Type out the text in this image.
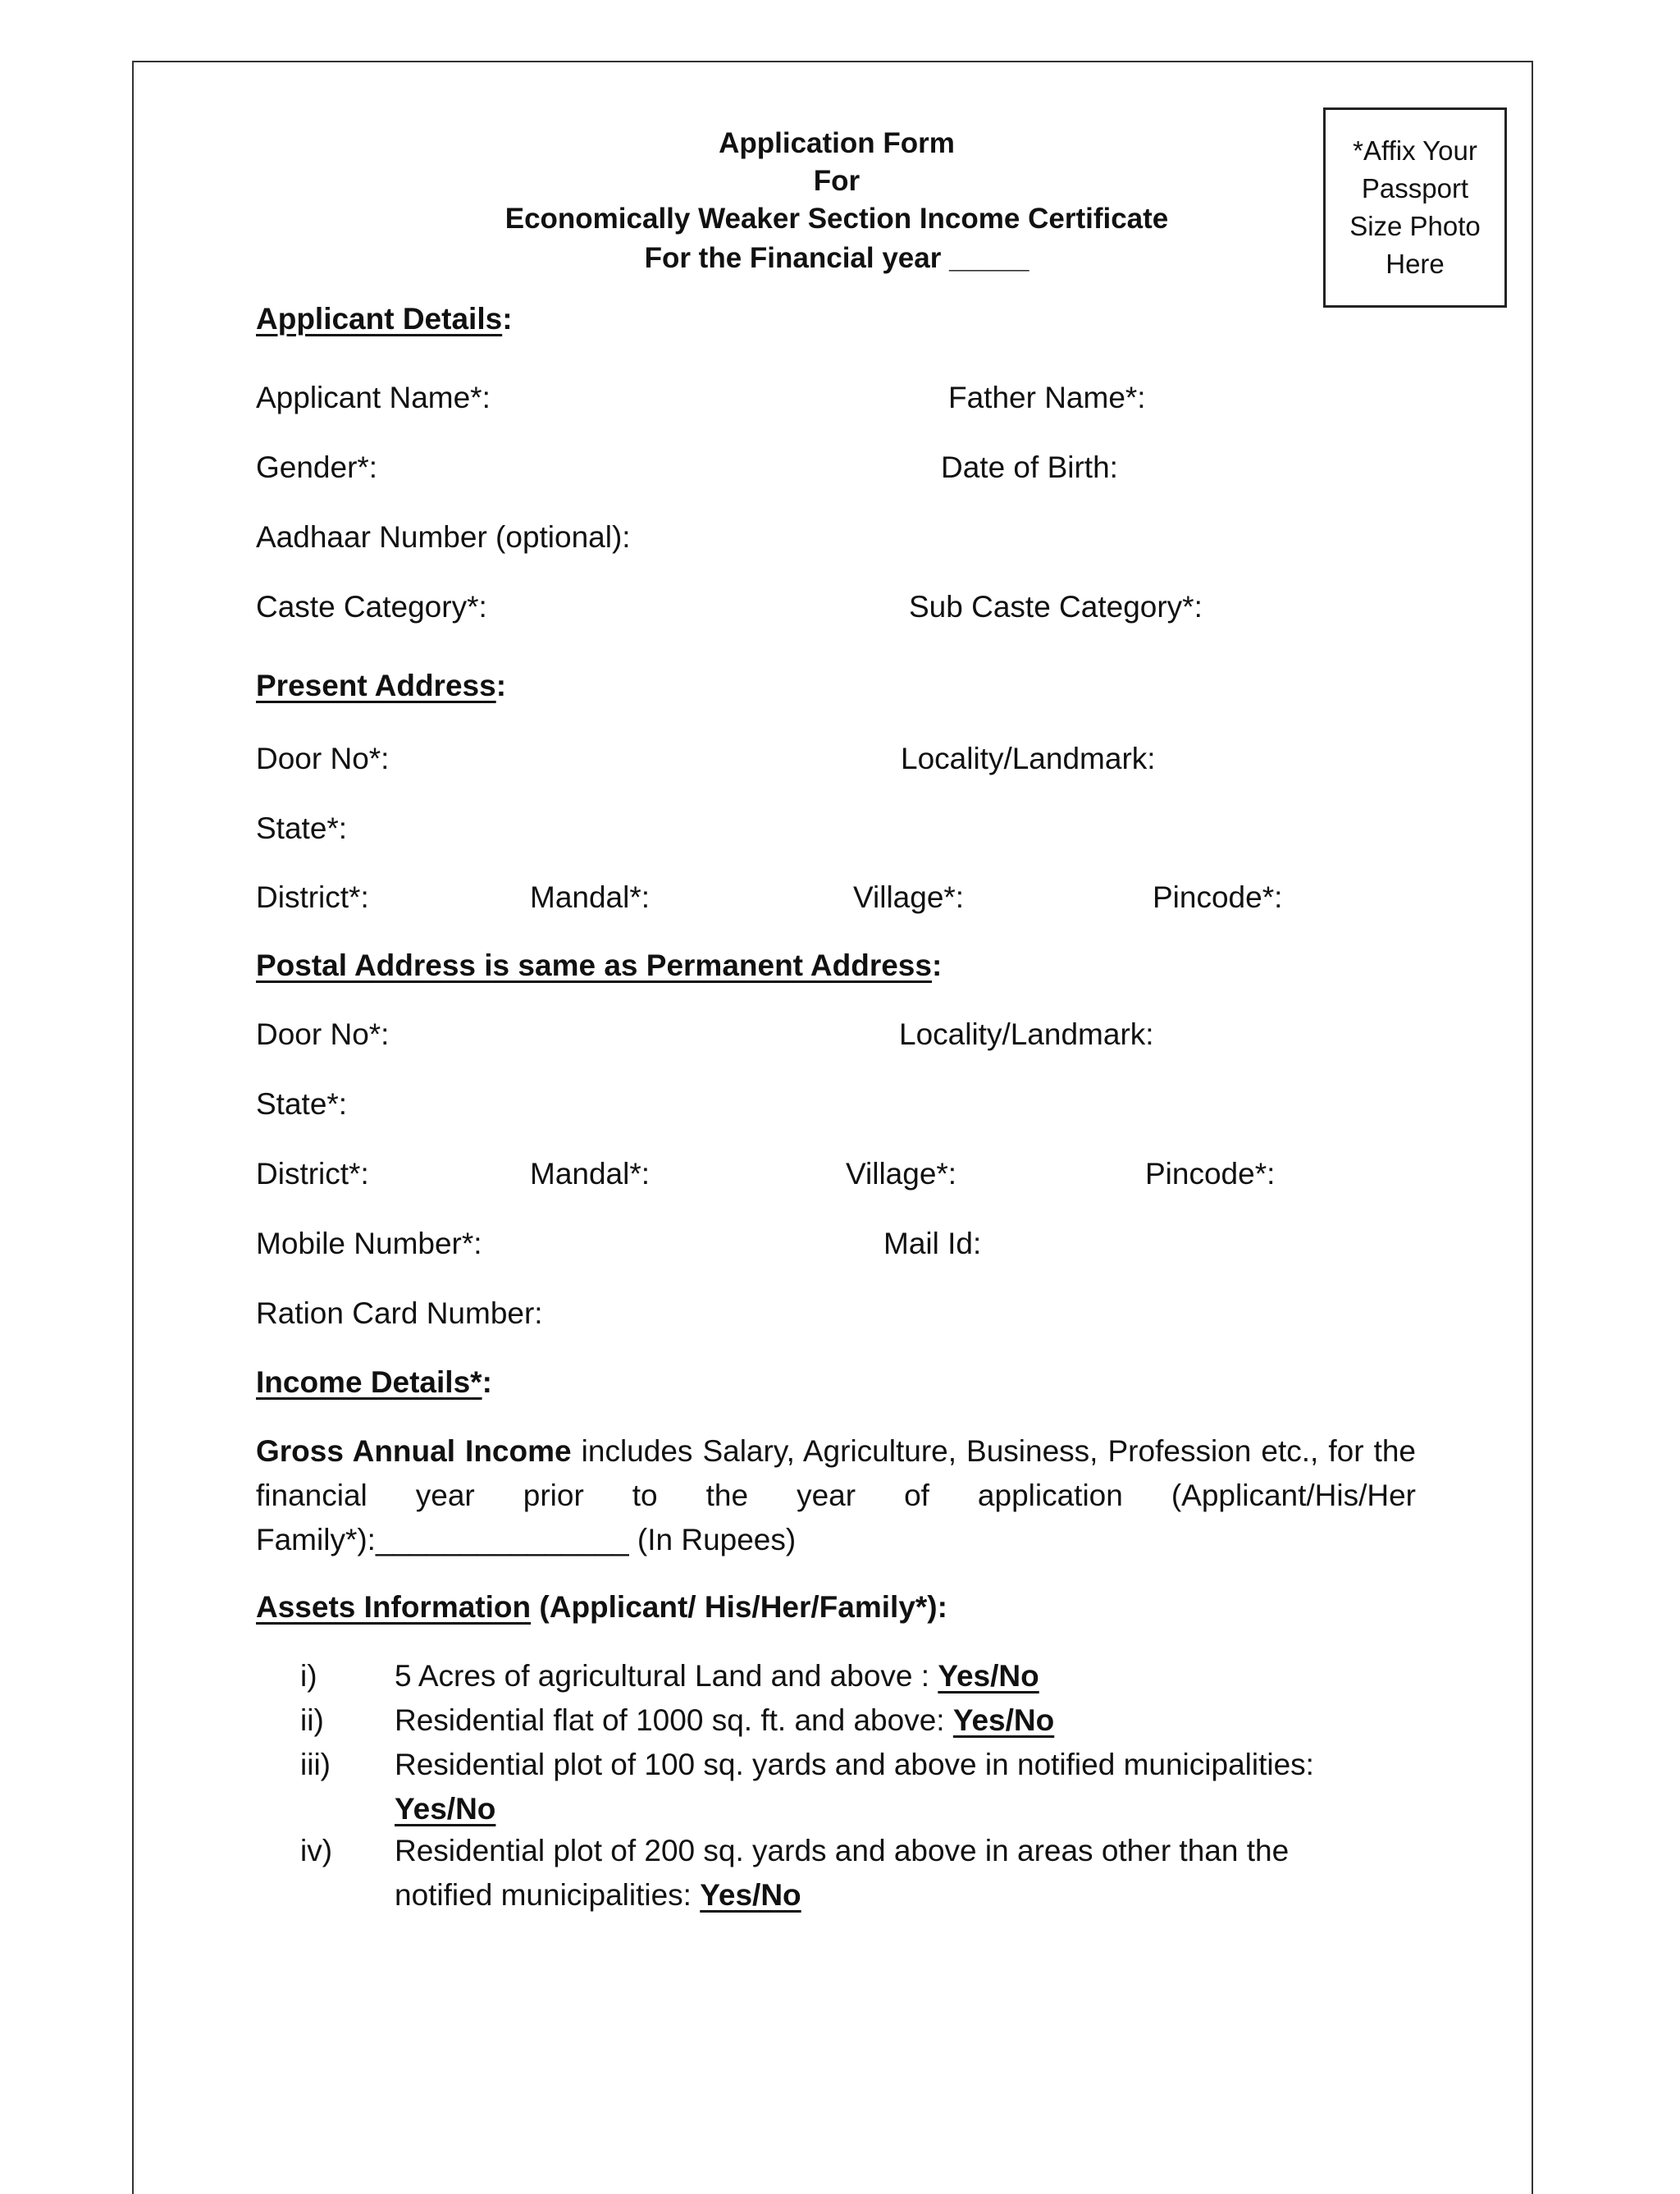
Application Form
For
Economically Weaker Section Income Certificate
For the Financial year _____
*Affix Your Passport Size Photo Here
Applicant Details:
Applicant Name*:	Father Name*:
Gender*:	Date of Birth:
Aadhaar Number (optional):
Caste Category*:	Sub Caste Category*:
Present Address:
Door No*:	Locality/Landmark:
State*:
District*:	Mandal*:	Village*:	Pincode*:
Postal Address is same as Permanent Address:
Door No*:	Locality/Landmark:
State*:
District*:	Mandal*:	Village*:	Pincode*:
Mobile Number*:	Mail Id:
Ration Card Number:
Income Details*:
Gross Annual Income includes Salary, Agriculture, Business, Profession etc., for the financial year prior to the year of application (Applicant/His/Her Family*):_______________ (In Rupees)
Assets Information (Applicant/ His/Her/Family*):
i)	5 Acres of agricultural Land and above : Yes/No
ii) Residential flat of 1000 sq. ft. and above: Yes/No
iii) Residential plot of 100 sq. yards and above in notified municipalities: Yes/No
iv) Residential plot of 200 sq. yards and above in areas other than the notified municipalities: Yes/No
